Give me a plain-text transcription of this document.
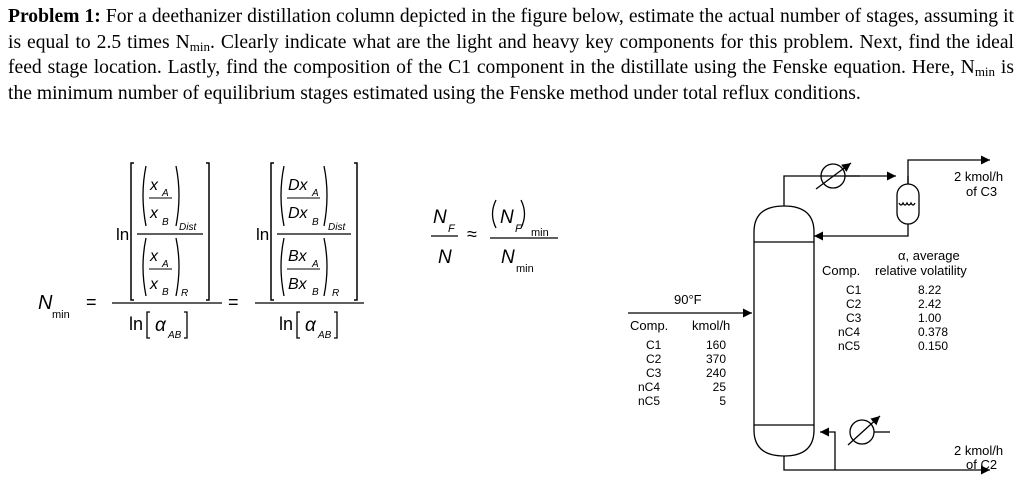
Problem 1: For a deethanizer distillation column depicted in the figure below, estimate the actual number of stages, assuming it is equal to 2.5 times $N_{min}$. Clearly indicate what are the light and heavy key components for this problem. Next, find the ideal feed stage location. Lastly, find the composition of the C1 component in the distillate using the Fenske equation. Here, $N_{min}$ is the minimum number of equilibrium stages estimated using the Fenske method under total reflux conditions.
N
min
=
ln
x A
x
B Dist
x A
x B R
ln α AB
=
ln
Dx A
Dx
B Dist
Bx A
Bx B R
ln α AB
N
F
N
≈
N
F min
N
min
90°F
Comp. kmol/h
C1
C2
C3
nC4
nC5
160
370
240
25
5
α, average
Comp. relative volatility
C1
C2
C3
nC4
nC5
8.22
2.42
1.00
0.378
0.150
2 kmol/h
of C3
2 kmol/h
of C2
